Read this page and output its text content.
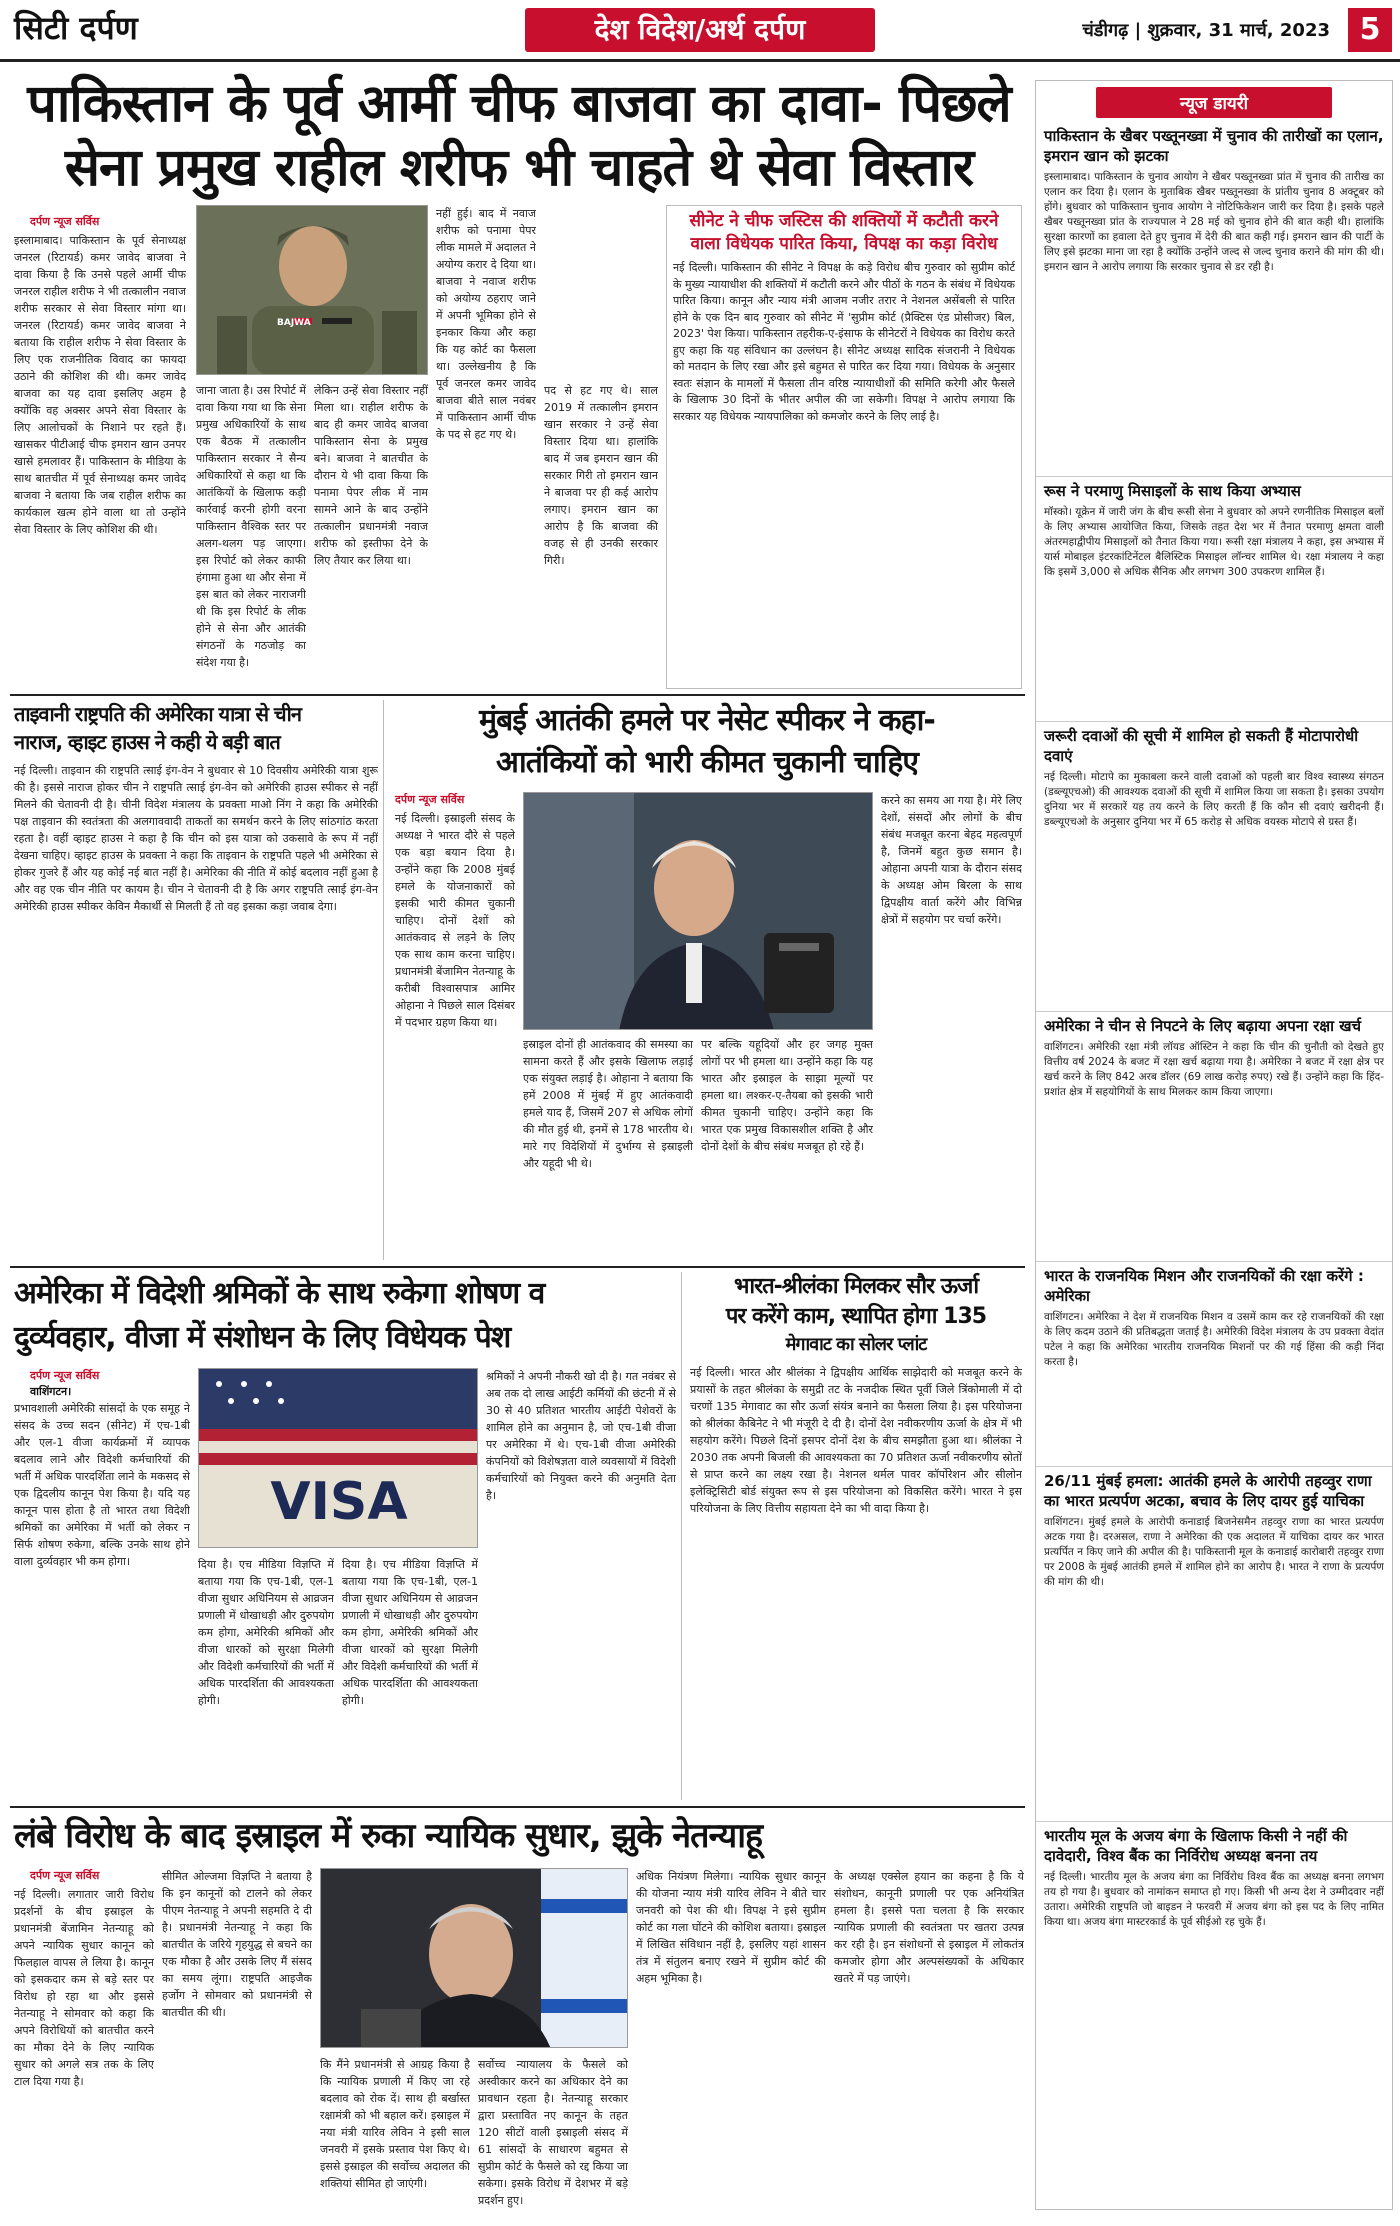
सिटी दर्पण	देश विदेश/अर्थ दर्पण	चंडीगढ़ | शुक्रवार, 31 मार्च, 2023 5
पाकिस्तान के पूर्व आर्मी चीफ बाजवा का दावा- पिछले
सेना प्रमुख राहील शरीफ भी चाहते थे सेवा विस्तार
दर्पण न्यूज सर्विस
इस्लामाबाद। पाकिस्तान के पूर्व सेनाध्यक्ष जनरल (रिटायर्ड) कमर जावेद बाजवा ने दावा किया है कि उनसे पहले आर्मी चीफ जनरल राहील शरीफ ने भी तत्कालीन नवाज शरीफ सरकार से सेवा विस्तार मांगा था। जनरल (रिटायर्ड) कमर जावेद बाजवा ने बताया कि राहील शरीफ ने सेवा विस्तार के लिए एक राजनीतिक विवाद का फायदा उठाने की कोशिश की थी। कमर जावेद बाजवा का यह दावा इसलिए अहम है क्योंकि वह अक्सर अपने सेवा विस्तार के लिए आलोचकों के निशाने पर रहते हैं। खासकर पीटीआई चीफ इमरान खान उनपर खासे हमलावर हैं। पाकिस्तान के मीडिया के साथ बातचीत में पूर्व सेनाध्यक्ष कमर जावेद बाजवा ने बताया कि जब राहील शरीफ का कार्यकाल खत्म होने वाला था तो उन्होंने सेवा विस्तार के लिए कोशिश की थी।
BAJWA
जाना जाता है। उस रिपोर्ट में दावा किया गया था कि सेना प्रमुख अधिकारियों के साथ एक बैठक में तत्कालीन पाकिस्तान सरकार ने सैन्य अधिकारियों से कहा था कि आतंकियों के खिलाफ कड़ी कार्रवाई करनी होगी वरना पाकिस्तान वैश्विक स्तर पर अलग-थलग पड़ जाएगा। इस रिपोर्ट को लेकर काफी हंगामा हुआ था और सेना में इस बात को लेकर नाराजगी थी कि इस रिपोर्ट के लीक होने से सेना और आतंकी संगठनों के गठजोड़ का संदेश गया है।
लेकिन उन्हें सेवा विस्तार नहीं मिला था। राहील शरीफ के बाद ही कमर जावेद बाजवा पाकिस्तान सेना के प्रमुख बने। बाजवा ने बातचीत के दौरान ये भी दावा किया कि पनामा पेपर लीक में नाम सामने आने के बाद उन्होंने तत्कालीन प्रधानमंत्री नवाज शरीफ को इस्तीफा देने के लिए तैयार कर लिया था।
नहीं हुई। बाद में नवाज शरीफ को पनामा पेपर लीक मामले में अदालत ने अयोग्य करार दे दिया था। बाजवा ने नवाज शरीफ को अयोग्य ठहराए जाने में अपनी भूमिका होने से इनकार किया और कहा कि यह कोर्ट का फैसला था। उल्लेखनीय है कि पूर्व जनरल कमर जावेद बाजवा बीते साल नवंबर में पाकिस्तान आर्मी चीफ के पद से हट गए थे।
पद से हट गए थे। साल 2019 में तत्कालीन इमरान खान सरकार ने उन्हें सेवा विस्तार दिया था। हालांकि बाद में जब इमरान खान की सरकार गिरी तो इमरान खान ने बाजवा पर ही कई आरोप लगाए। इमरान खान का आरोप है कि बाजवा की वजह से ही उनकी सरकार गिरी।
सीनेट ने चीफ जस्टिस की शक्तियों में कटौती करने वाला विधेयक पारित किया, विपक्ष का कड़ा विरोध
नई दिल्ली। पाकिस्तान की सीनेट ने विपक्ष के कड़े विरोध बीच गुरुवार को सुप्रीम कोर्ट के मुख्य न्यायाधीश की शक्तियों में कटौती करने और पीठों के गठन के संबंध में विधेयक पारित किया। कानून और न्याय मंत्री आजम नजीर तरार ने नेशनल असेंबली से पारित होने के एक दिन बाद गुरुवार को सीनेट में 'सुप्रीम कोर्ट (प्रैक्टिस एंड प्रोसीजर) बिल, 2023' पेश किया। पाकिस्तान तहरीक-ए-इंसाफ के सीनेटरों ने विधेयक का विरोध करते हुए कहा कि यह संविधान का उल्लंघन है। सीनेट अध्यक्ष सादिक संजरानी ने विधेयक को मतदान के लिए रखा और इसे बहुमत से पारित कर दिया गया। विधेयक के अनुसार स्वतः संज्ञान के मामलों में फैसला तीन वरिष्ठ न्यायाधीशों की समिति करेगी और फैसले के खिलाफ 30 दिनों के भीतर अपील की जा सकेगी। विपक्ष ने आरोप लगाया कि सरकार यह विधेयक न्यायपालिका को कमजोर करने के लिए लाई है।
ताइवानी राष्ट्रपति की अमेरिका यात्रा से चीन
नाराज, व्हाइट हाउस ने कही ये बड़ी बात
नई दिल्ली। ताइवान की राष्ट्रपति त्साई इंग-वेन ने बुधवार से 10 दिवसीय अमेरिकी यात्रा शुरू की है। इससे नाराज होकर चीन ने राष्ट्रपति त्साई इंग-वेन को अमेरिकी हाउस स्पीकर से नहीं मिलने की चेतावनी दी है। चीनी विदेश मंत्रालय के प्रवक्ता माओ निंग ने कहा कि अमेरिकी पक्ष ताइवान की स्वतंत्रता की अलगाववादी ताकतों का समर्थन करने के लिए सांठगांठ करता रहता है। वहीं व्हाइट हाउस ने कहा है कि चीन को इस यात्रा को उकसावे के रूप में नहीं देखना चाहिए। व्हाइट हाउस के प्रवक्ता ने कहा कि ताइवान के राष्ट्रपति पहले भी अमेरिका से होकर गुजरे हैं और यह कोई नई बात नहीं है। अमेरिका की नीति में कोई बदलाव नहीं हुआ है और वह एक चीन नीति पर कायम है। चीन ने चेतावनी दी है कि अगर राष्ट्रपति त्साई इंग-वेन अमेरिकी हाउस स्पीकर केविन मैकार्थी से मिलती हैं तो वह इसका कड़ा जवाब देगा।
मुंबई आतंकी हमले पर नेसेट स्पीकर ने कहा-
आतंकियों को भारी कीमत चुकानी चाहिए
दर्पण न्यूज सर्विस
नई दिल्ली। इस्राइली संसद के अध्यक्ष ने भारत दौरे से पहले एक बड़ा बयान दिया है। उन्होंने कहा कि 2008 मुंबई हमले के योजनाकारों को इसकी भारी कीमत चुकानी चाहिए। दोनों देशों को आतंकवाद से लड़ने के लिए एक साथ काम करना चाहिए। प्रधानमंत्री बेंजामिन नेतन्याहू के करीबी विश्वासपात्र आमिर ओहाना ने पिछले साल दिसंबर में पदभार ग्रहण किया था।
इस्राइल दोनों ही आतंकवाद की समस्या का सामना करते हैं और इसके खिलाफ लड़ाई एक संयुक्त लड़ाई है। ओहाना ने बताया कि हमें 2008 में मुंबई में हुए आतंकवादी हमले याद हैं, जिसमें 207 से अधिक लोगों की मौत हुई थी, इनमें से 178 भारतीय थे। मारे गए विदेशियों में दुर्भाग्य से इस्राइली और यहूदी भी थे।
पर बल्कि यहूदियों और हर जगह मुक्त लोगों पर भी हमला था। उन्होंने कहा कि यह भारत और इस्राइल के साझा मूल्यों पर हमला था। लश्कर-ए-तैयबा को इसकी भारी कीमत चुकानी चाहिए। उन्होंने कहा कि भारत एक प्रमुख विकासशील शक्ति है और दोनों देशों के बीच संबंध मजबूत हो रहे हैं।
करने का समय आ गया है। मेरे लिए देशों, संसदों और लोगों के बीच संबंध मजबूत करना बेहद महत्वपूर्ण है, जिनमें बहुत कुछ समान है। ओहाना अपनी यात्रा के दौरान संसद के अध्यक्ष ओम बिरला के साथ द्विपक्षीय वार्ता करेंगे और विभिन्न क्षेत्रों में सहयोग पर चर्चा करेंगे।
अमेरिका में विदेशी श्रमिकों के साथ रुकेगा शोषण व
दुर्व्यवहार, वीजा में संशोधन के लिए विधेयक पेश
दर्पण न्यूज सर्विस
वाशिंगटन।
प्रभावशाली अमेरिकी सांसदों के एक समूह ने संसद के उच्च सदन (सीनेट) में एच-1बी और एल-1 वीजा कार्यक्रमों में व्यापक बदलाव लाने और विदेशी कर्मचारियों की भर्ती में अधिक पारदर्शिता लाने के मकसद से एक द्विदलीय कानून पेश किया है। यदि यह कानून पास होता है तो भारत तथा विदेशी श्रमिकों का अमेरिका में भर्ती को लेकर न सिर्फ शोषण रुकेगा, बल्कि उनके साथ होने वाला दुर्व्यवहार भी कम होगा।
VISA
दिया है। एच मीडिया विज्ञप्ति में बताया गया कि एच-1बी, एल-1 वीजा सुधार अधिनियम से आव्रजन प्रणाली में धोखाधड़ी और दुरुपयोग कम होगा, अमेरिकी श्रमिकों और वीजा धारकों को सुरक्षा मिलेगी और विदेशी कर्मचारियों की भर्ती में अधिक पारदर्शिता की आवश्यकता होगी।
दिया है। एच मीडिया विज्ञप्ति में बताया गया कि एच-1बी, एल-1 वीजा सुधार अधिनियम से आव्रजन प्रणाली में धोखाधड़ी और दुरुपयोग कम होगा, अमेरिकी श्रमिकों और वीजा धारकों को सुरक्षा मिलेगी और विदेशी कर्मचारियों की भर्ती में अधिक पारदर्शिता की आवश्यकता होगी।
श्रमिकों ने अपनी नौकरी खो दी है। गत नवंबर से अब तक दो लाख आईटी कर्मियों की छंटनी में से 30 से 40 प्रतिशत भारतीय आईटी पेशेवरों के शामिल होने का अनुमान है, जो एच-1बी वीजा पर अमेरिका में थे। एच-1बी वीजा अमेरिकी कंपनियों को विशेषज्ञता वाले व्यवसायों में विदेशी कर्मचारियों को नियुक्त करने की अनुमति देता है।
भारत-श्रीलंका मिलकर सौर ऊर्जा
पर करेंगे काम, स्थापित होगा 135
मेगावाट का सोलर प्लांट
नई दिल्ली। भारत और श्रीलंका ने द्विपक्षीय आर्थिक साझेदारी को मजबूत करने के प्रयासों के तहत श्रीलंका के समुद्री तट के नजदीक स्थित पूर्वी जिले त्रिंकोमाली में दो चरणों 135 मेगावाट का सौर ऊर्जा संयंत्र बनाने का फैसला लिया है। इस परियोजना को श्रीलंका कैबिनेट ने भी मंजूरी दे दी है। दोनों देश नवीकरणीय ऊर्जा के क्षेत्र में भी सहयोग करेंगे। पिछले दिनों इसपर दोनों देश के बीच समझौता हुआ था। श्रीलंका ने 2030 तक अपनी बिजली की आवश्यकता का 70 प्रतिशत ऊर्जा नवीकरणीय स्रोतों से प्राप्त करने का लक्ष्य रखा है। नेशनल थर्मल पावर कॉर्पोरेशन और सीलोन इलेक्ट्रिसिटी बोर्ड संयुक्त रूप से इस परियोजना को विकसित करेंगे। भारत ने इस परियोजना के लिए वित्तीय सहायता देने का भी वादा किया है।
लंबे विरोध के बाद इस्राइल में रुका न्यायिक सुधार, झुके नेतन्याहू
दर्पण न्यूज सर्विस
नई दिल्ली। लगातार जारी विरोध प्रदर्शनों के बीच इस्राइल के प्रधानमंत्री बेंजामिन नेतन्याहू को अपने न्यायिक सुधार कानून को फिलहाल वापस ले लिया है। कानून को इसकदार कम से बड़े स्तर पर विरोध हो रहा था और इससे नेतन्याहू ने सोमवार को कहा कि अपने विरोधियों को बातचीत करने का मौका देने के लिए न्यायिक सुधार को अगले सत्र तक के लिए टाल दिया गया है।
सीमित ओल्जमा विज्ञप्ति ने बताया है कि इन कानूनों को टालने को लेकर पीएम नेतन्याहू ने अपनी सहमति दे दी है। प्रधानमंत्री नेतन्याहू ने कहा कि बातचीत के जरिये गृहयुद्ध से बचने का एक मौका है और उसके लिए मैं संसद का समय लूंगा। राष्ट्रपति आइजैक हर्जोग ने सोमवार को प्रधानमंत्री से बातचीत की थी।
कि मैंने प्रधानमंत्री से आग्रह किया है कि न्यायिक प्रणाली में किए जा रहे बदलाव को रोक दें। साथ ही बर्खास्त रक्षामंत्री को भी बहाल करें। इस्राइल में नया मंत्री यारिव लेविन ने इसी साल जनवरी में इसके प्रस्ताव पेश किए थे। इससे इस्राइल की सर्वोच्च अदालत की शक्तियां सीमित हो जाएंगी।
सर्वोच्च न्यायालय के फैसले को अस्वीकार करने का अधिकार देने का प्रावधान रहता है। नेतन्याहू सरकार द्वारा प्रस्तावित नए कानून के तहत 120 सीटों वाली इस्राइली संसद में 61 सांसदों के साधारण बहुमत से सुप्रीम कोर्ट के फैसले को रद्द किया जा सकेगा। इसके विरोध में देशभर में बड़े प्रदर्शन हुए।
अधिक नियंत्रण मिलेगा। न्यायिक सुधार कानून की योजना न्याय मंत्री यारिव लेविन ने बीते चार जनवरी को पेश की थी। विपक्ष ने इसे सुप्रीम कोर्ट का गला घोंटने की कोशिश बताया। इस्राइल में लिखित संविधान नहीं है, इसलिए यहां शासन तंत्र में संतुलन बनाए रखने में सुप्रीम कोर्ट की अहम भूमिका है।
के अध्यक्ष एक्सेल हयान का कहना है कि ये संशोधन, कानूनी प्रणाली पर एक अनियंत्रित हमला है। इससे पता चलता है कि सरकार न्यायिक प्रणाली की स्वतंत्रता पर खतरा उत्पन्न कर रही है। इन संशोधनों से इस्राइल में लोकतंत्र कमजोर होगा और अल्पसंख्यकों के अधिकार खतरे में पड़ जाएंगे।
न्यूज डायरी
पाकिस्तान के खैबर पख्तूनख्वा में चुनाव की तारीखों का एलान, इमरान खान को झटका

इस्लामाबाद। पाकिस्तान के चुनाव आयोग ने खैबर पख्तूनख्वा प्रांत में चुनाव की तारीख का एलान कर दिया है। एलान के मुताबिक खैबर पख्तूनख्वा के प्रांतीय चुनाव 8 अक्टूबर को होंगे। बुधवार को पाकिस्तान चुनाव आयोग ने नोटिफिकेशन जारी कर दिया है। इसके पहले खैबर पख्तूनख्वा प्रांत के राज्यपाल ने 28 मई को चुनाव होने की बात कही थी। हालांकि सुरक्षा कारणों का हवाला देते हुए चुनाव में देरी की बात कही गई। इमरान खान की पार्टी के लिए इसे झटका माना जा रहा है क्योंकि उन्होंने जल्द से जल्द चुनाव कराने की मांग की थी। इमरान खान ने आरोप लगाया कि सरकार चुनाव से डर रही है।

रूस ने परमाणु मिसाइलों के साथ किया अभ्यास

मॉस्को। यूक्रेन में जारी जंग के बीच रूसी सेना ने बुधवार को अपने रणनीतिक मिसाइल बलों के लिए अभ्यास आयोजित किया, जिसके तहत देश भर में तैनात परमाणु क्षमता वाली अंतरमहाद्वीपीय मिसाइलों को तैनात किया गया। रूसी रक्षा मंत्रालय ने कहा, इस अभ्यास में यार्स मोबाइल इंटरकांटिनेंटल बैलिस्टिक मिसाइल लॉन्चर शामिल थे। रक्षा मंत्रालय ने कहा कि इसमें 3,000 से अधिक सैनिक और लगभग 300 उपकरण शामिल हैं।

जरूरी दवाओं की सूची में शामिल हो सकती हैं मोटापारोधी दवाएं

नई दिल्ली। मोटापे का मुकाबला करने वाली दवाओं को पहली बार विश्व स्वास्थ्य संगठन (डब्ल्यूएचओ) की आवश्यक दवाओं की सूची में शामिल किया जा सकता है। इसका उपयोग दुनिया भर में सरकारें यह तय करने के लिए करती हैं कि कौन सी दवाएं खरीदनी हैं। डब्ल्यूएचओ के अनुसार दुनिया भर में 65 करोड़ से अधिक वयस्क मोटापे से ग्रस्त हैं।

अमेरिका ने चीन से निपटने के लिए बढ़ाया अपना रक्षा खर्च

वाशिंगटन। अमेरिकी रक्षा मंत्री लॉयड ऑस्टिन ने कहा कि चीन की चुनौती को देखते हुए वित्तीय वर्ष 2024 के बजट में रक्षा खर्च बढ़ाया गया है। अमेरिका ने बजट में रक्षा क्षेत्र पर खर्च करने के लिए 842 अरब डॉलर (69 लाख करोड़ रुपए) रखे हैं। उन्होंने कहा कि हिंद-प्रशांत क्षेत्र में सहयोगियों के साथ मिलकर काम किया जाएगा।

भारत के राजनयिक मिशन और राजनयिकों की रक्षा करेंगे : अमेरिका

वाशिंगटन। अमेरिका ने देश में राजनयिक मिशन व उसमें काम कर रहे राजनयिकों की रक्षा के लिए कदम उठाने की प्रतिबद्धता जताई है। अमेरिकी विदेश मंत्रालय के उप प्रवक्ता वेदांत पटेल ने कहा कि अमेरिका भारतीय राजनयिक मिशनों पर की गई हिंसा की कड़ी निंदा करता है।

26/11 मुंबई हमला: आतंकी हमले के आरोपी तहव्वुर राणा का भारत प्रत्यर्पण अटका, बचाव के लिए दायर हुई याचिका

वाशिंगटन। मुंबई हमले के आरोपी कनाडाई बिजनेसमैन तहव्वुर राणा का भारत प्रत्यर्पण अटक गया है। दरअसल, राणा ने अमेरिका की एक अदालत में याचिका दायर कर भारत प्रत्यर्पित न किए जाने की अपील की है। पाकिस्तानी मूल के कनाडाई कारोबारी तहव्वुर राणा पर 2008 के मुंबई आतंकी हमले में शामिल होने का आरोप है। भारत ने राणा के प्रत्यर्पण की मांग की थी।

भारतीय मूल के अजय बंगा के खिलाफ किसी ने नहीं की दावेदारी, विश्व बैंक का निर्विरोध अध्यक्ष बनना तय

नई दिल्ली। भारतीय मूल के अजय बंगा का निर्विरोध विश्व बैंक का अध्यक्ष बनना लगभग तय हो गया है। बुधवार को नामांकन समाप्त हो गए। किसी भी अन्य देश ने उम्मीदवार नहीं उतारा। अमेरिकी राष्ट्रपति जो बाइडन ने फरवरी में अजय बंगा को इस पद के लिए नामित किया था। अजय बंगा मास्टरकार्ड के पूर्व सीईओ रह चुके हैं।
